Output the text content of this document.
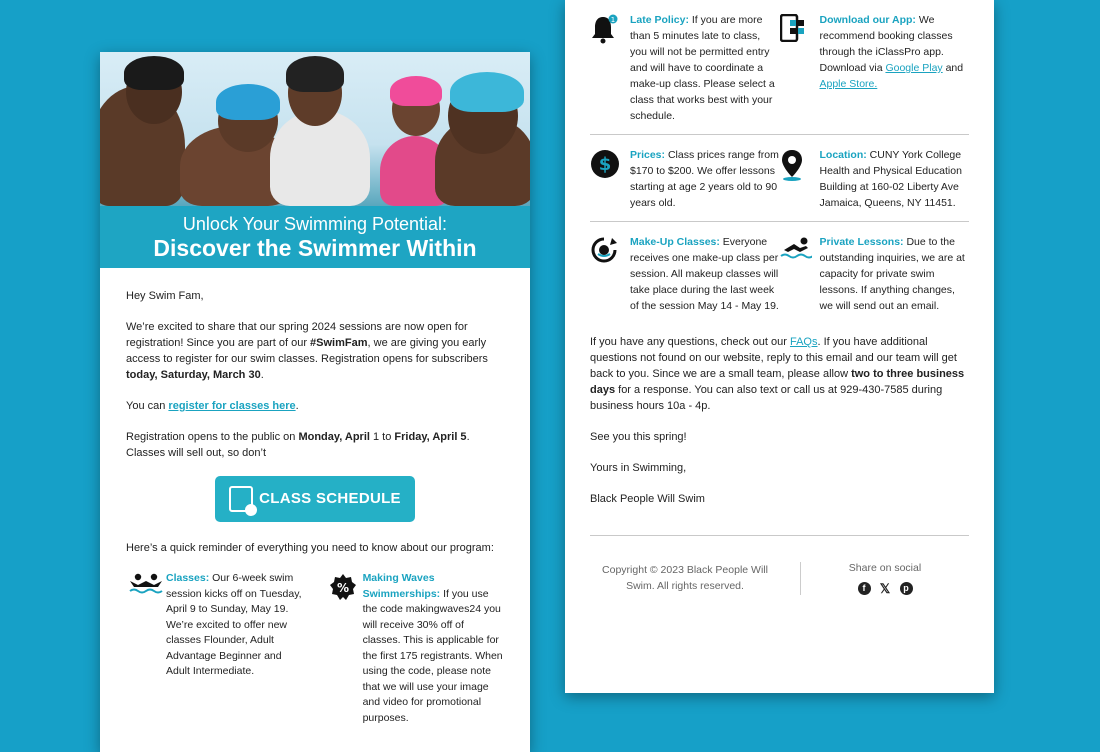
Unlock Your Swimming Potential:
Discover the Swimmer Within

Hey Swim Fam,

We’re excited to share that our spring 2024 sessions are now open for registration! Since you are part of our #SwimFam, we are giving you early access to register for our swim classes. Registration opens for subscribers today, Saturday, March 30.

You can register for classes here.

Registration opens to the public on Monday, April 1 to Friday, April 5. Classes will sell out, so don’t

CLASS SCHEDULE

Here’s a quick reminder of everything you need to know about our program:

Classes: Our 6-week swim session kicks off on Tuesday, April 9 to Sunday, May 19. We’re excited to offer new classes Flounder, Adult Advantage Beginner and Adult Intermediate.
%
Making Waves Swimmerships: If you use the code makingwaves24 you will receive 30% off of classes. This is applicable for the first 175 registrants. When using the code, please note that we will use your image and video for promotional purposes.
1 Late Policy: If you are more than 5 minutes late to class, you will not be permitted entry and will have to coordinate a make-up class. Please select a class that works best with your schedule.
Download our App: We recommend booking classes through the iClassPro app. Download via Google Play and Apple Store.
$ Prices: Class prices range from $170 to $200. We offer lessons starting at age 2 years old to 90 years old.
Location: CUNY York College Health and Physical Education Building at 160-02 Liberty Ave Jamaica, Queens, NY 11451.
Make-Up Classes: Everyone receives one make-up class per session. All makeup classes will take place during the last week of the session May 14 - May 19.
Private Lessons: Due to the outstanding inquiries, we are at capacity for private swim lessons. If anything changes, we will send out an email.

If you have any questions, check out our FAQs. If you have additional questions not found on our website, reply to this email and our team will get back to you. Since we are a small team, please allow two to three business days for a response. You can also text or call us at 929-430-7585 during business hours 10a - 4p.

See you this spring!

Yours in Swimming,

Black People Will Swim

Copyright © 2023 Black People Will Swim. All rights reserved.
Share on social
f	𝕏	p
